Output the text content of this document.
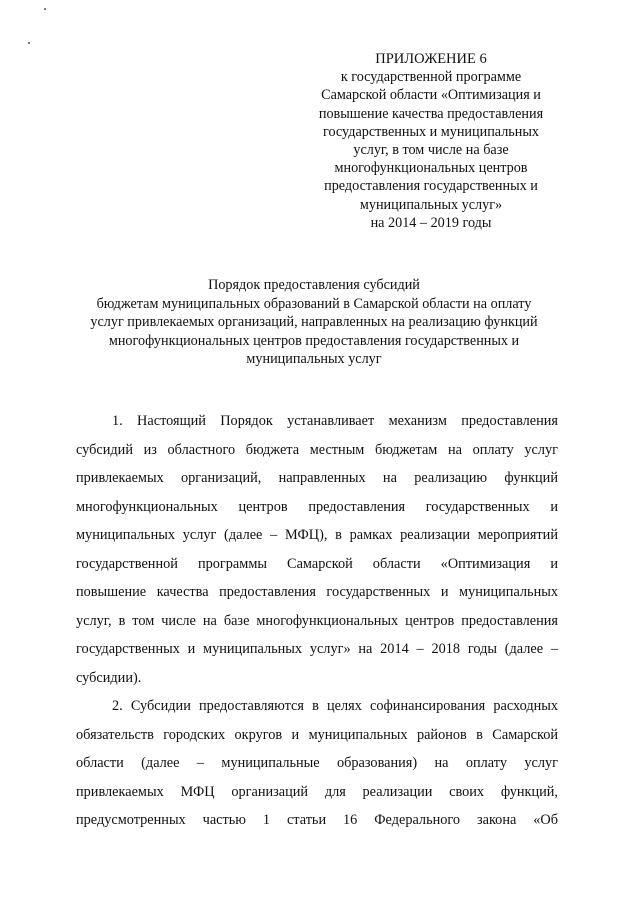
ПРИЛОЖЕНИЕ 6
к государственной программе
Самарской области «Оптимизация и
повышение качества предоставления
государственных и муниципальных
услуг, в том числе на базе
многофункциональных центров
предоставления государственных и
муниципальных услуг»
на 2014 – 2019 годы
Порядок предоставления субсидий
бюджетам муниципальных образований в Самарской области на оплату
услуг привлекаемых организаций, направленных на реализацию функций
многофункциональных центров предоставления государственных и
муниципальных услуг
1. Настоящий Порядок устанавливает механизм предоставления
субсидий из областного бюджета местным бюджетам на оплату услуг
привлекаемых организаций, направленных на реализацию функций
многофункциональных центров предоставления государственных и
муниципальных услуг (далее – МФЦ), в рамках реализации мероприятий
государственной программы Самарской области «Оптимизация и
повышение качества предоставления государственных и муниципальных
услуг, в том числе на базе многофункциональных центров предоставления
государственных и муниципальных услуг» на 2014 – 2018 годы (далее –
субсидии).
2. Субсидии предоставляются в целях софинансирования расходных
обязательств городских округов и муниципальных районов в Самарской
области (далее – муниципальные образования) на оплату услуг
привлекаемых МФЦ организаций для реализации своих функций,
предусмотренных частью 1 статьи 16 Федерального закона «Об
